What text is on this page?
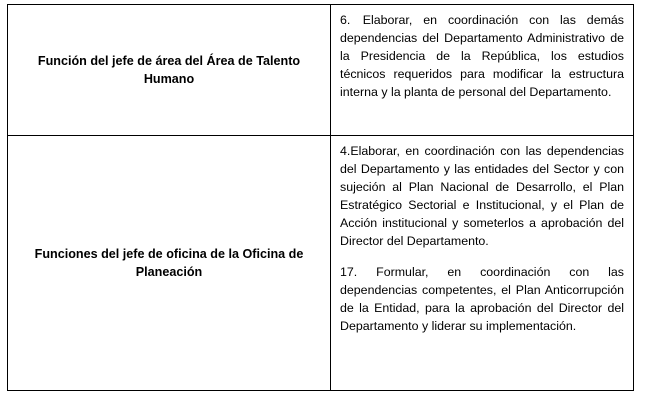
Función del jefe de área del Área de Talento Humano	6. Elaborar, en coordinación con las demás dependencias del Departamento Administrativo de la Presidencia de la República, los estudios técnicos requeridos para modificar la estructura interna y la planta de personal del Departamento.

Funciones del jefe de oficina de la Oficina de Planeación	4.Elaborar, en coordinación con las dependencias del Departamento y las entidades del Sector y con sujeción al Plan Nacional de Desarrollo, el Plan Estratégico Sectorial e Institucional, y el Plan de Acción institucional y someterlos a aprobación del Director del Departamento.

17. Formular, en coordinación con las dependencias competentes, el Plan Anticorrupción de la Entidad, para la aprobación del Director del Departamento y liderar su implementación.
